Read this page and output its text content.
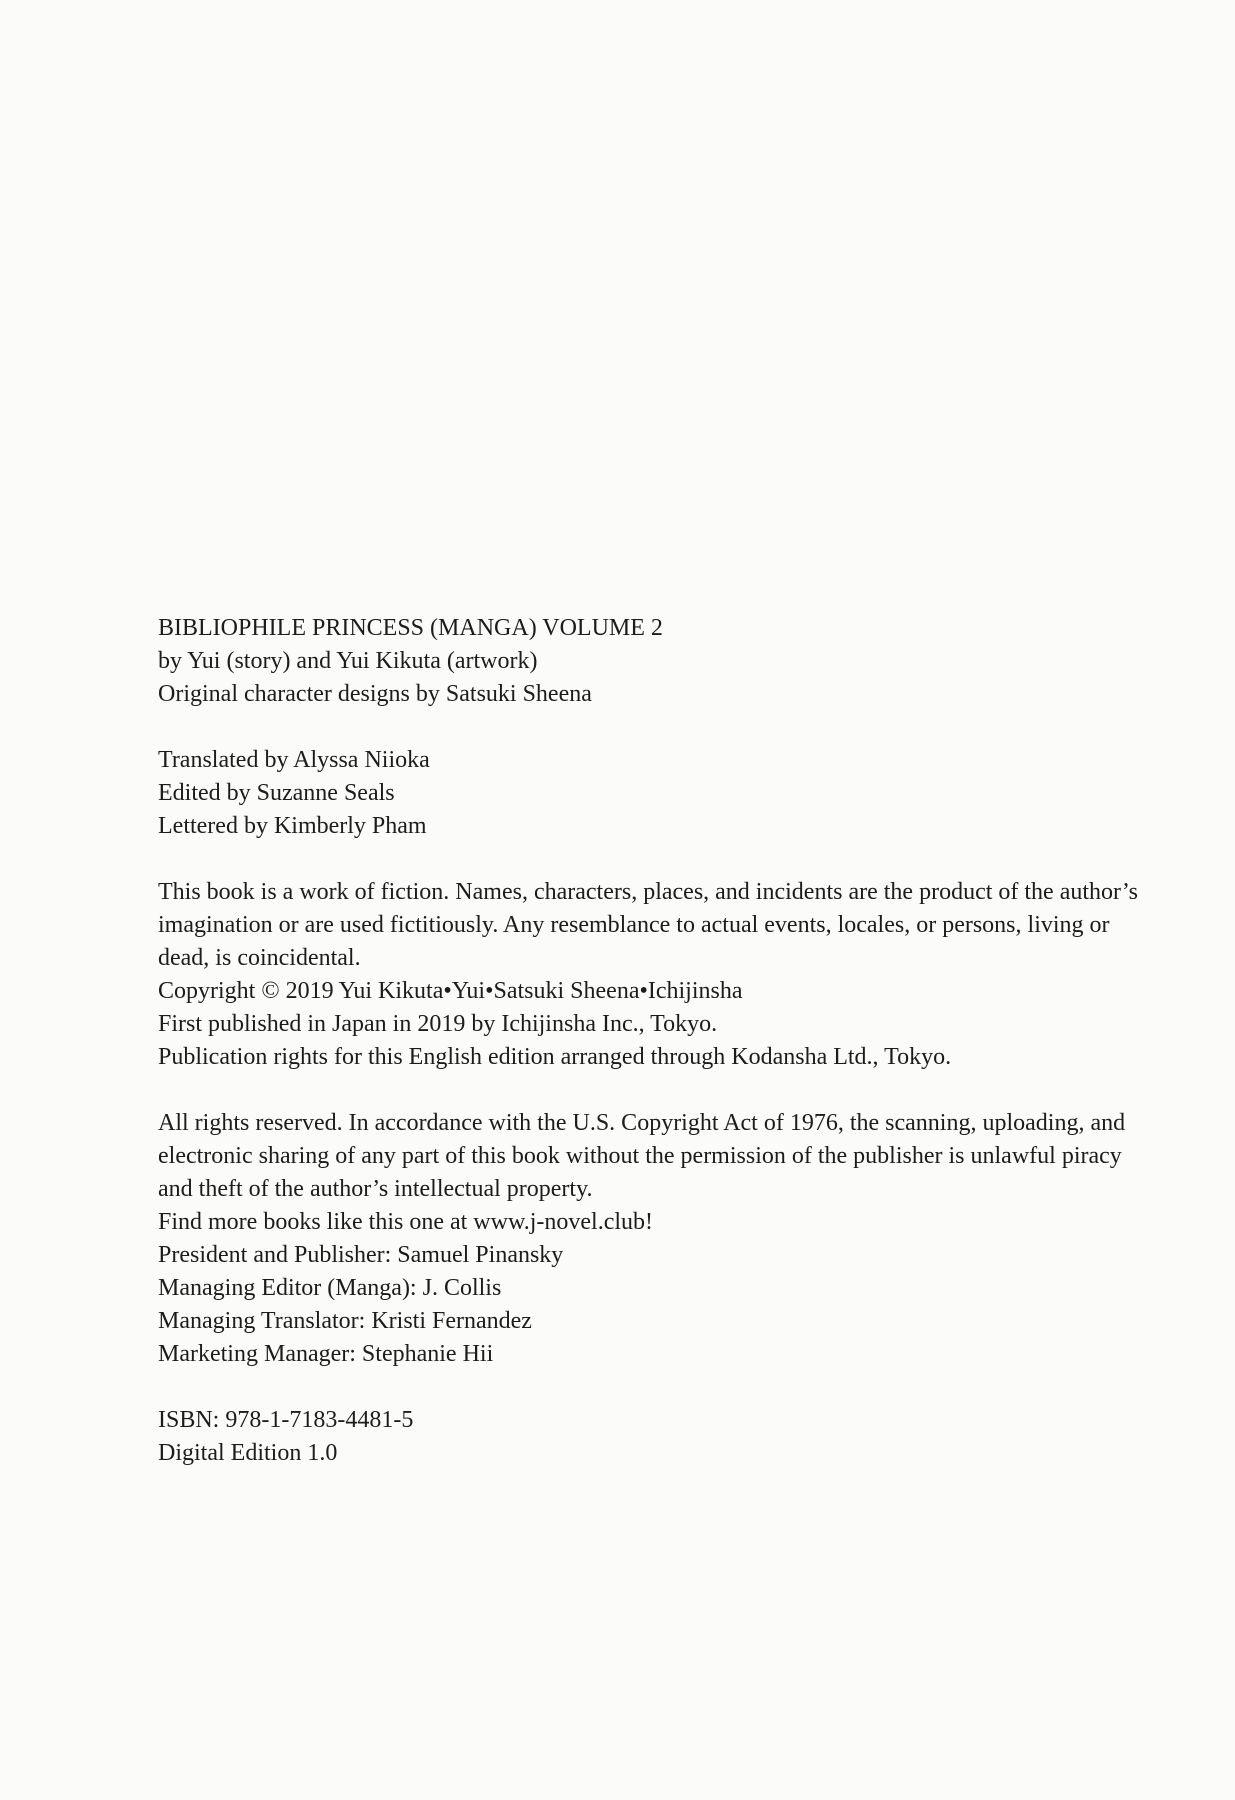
BIBLIOPHILE PRINCESS (MANGA) VOLUME 2
by Yui (story) and Yui Kikuta (artwork)
Original character designs by Satsuki Sheena
Translated by Alyssa Niioka
Edited by Suzanne Seals
Lettered by Kimberly Pham

This book is a work of fiction. Names, characters, places, and incidents are the product of the author’s imagination or are used fictitiously. Any resemblance to actual events, locales, or persons, living or dead, is coincidental.

Copyright © 2019 Yui Kikuta•Yui•Satsuki Sheena•Ichijinsha

First published in Japan in 2019 by Ichijinsha Inc., Tokyo.
Publication rights for this English edition arranged through Kodansha Ltd., Tokyo.

All rights reserved. In accordance with the U.S. Copyright Act of 1976, the scanning, uploading, and electronic sharing of any part of this book without the permission of the publisher is unlawful piracy and theft of the author’s intellectual property.

Find more books like this one at www.j-novel.club!

President and Publisher: Samuel Pinansky
Managing Editor (Manga): J. Collis
Managing Translator: Kristi Fernandez
Marketing Manager: Stephanie Hii
ISBN: 978-1-7183-4481-5
Digital Edition 1.0
